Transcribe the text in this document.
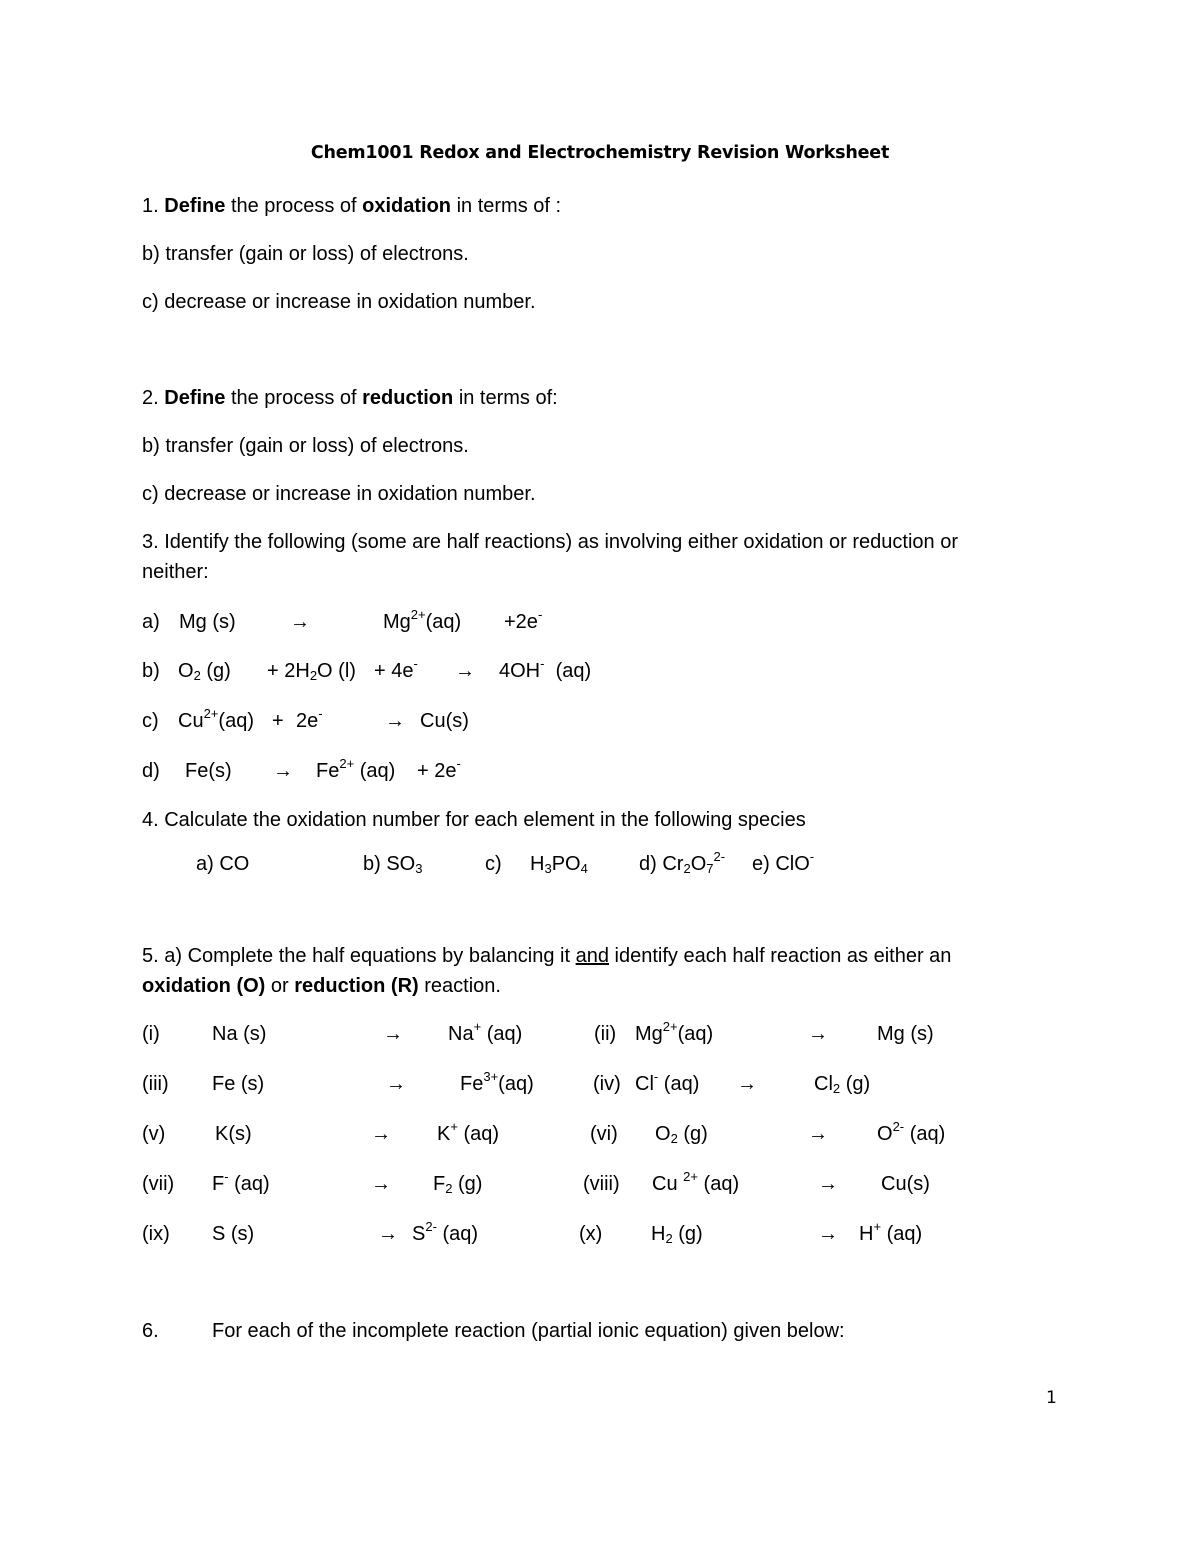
Chem1001 Redox and Electrochemistry Revision Worksheet
1. Define the process of oxidation in terms of :
b) transfer (gain or loss) of electrons.
c) decrease or increase in oxidation number.
2. Define the process of reduction in terms of:
b) transfer (gain or loss) of electrons.
c) decrease or increase in oxidation number.
3. Identify the following (some are half reactions) as involving either oxidation or reduction or
neither:
a) Mg (s)	→	$Mg^{2+}(aq) +2e^-$
b) $O_2$ $(g) + 2H_2O$ (l) + 4e- → 4OH- (aq)
c) $Cu^{2+}(aq) + 2e^-$	→ Cu(s)
d) $Fe(s) \to Fe^{2+}$ (aq) + 2e-
4. Calculate the oxidation number for each element in the following species
a) CO	b) $SO_3$	c) $H_3PO_4$	d) $Cr_2O_7^{2-}$ e) ClO-
5. a) Complete the half equations by balancing it and identify each half reaction as either an
oxidation (O) or reduction (R) reaction.
(i)	Na (s)	→ Na+ (aq)	(ii) $Mg^{2+}(aq)$	→ Mg (s)
(iii) Fe (s)	→	$Fe^{3+}(aq)$	(iv) Cl- (aq) →	$Cl_2$ (g)
(v) K(s)	→ K+ (aq)	(vi) $O_2$ (g)	→ $O^{2-}$ (aq)
(vii) F- (aq)	→ $F_2$ (g)	(viii) Cu $^{2+}$ (aq)	→ Cu(s)
(ix) S (s)	→ $S^{2-}$ (aq)	(x) $H_2$ (g)	→ H+ (aq)
6.	For each of the incomplete reaction (partial ionic equation) given below:
1
